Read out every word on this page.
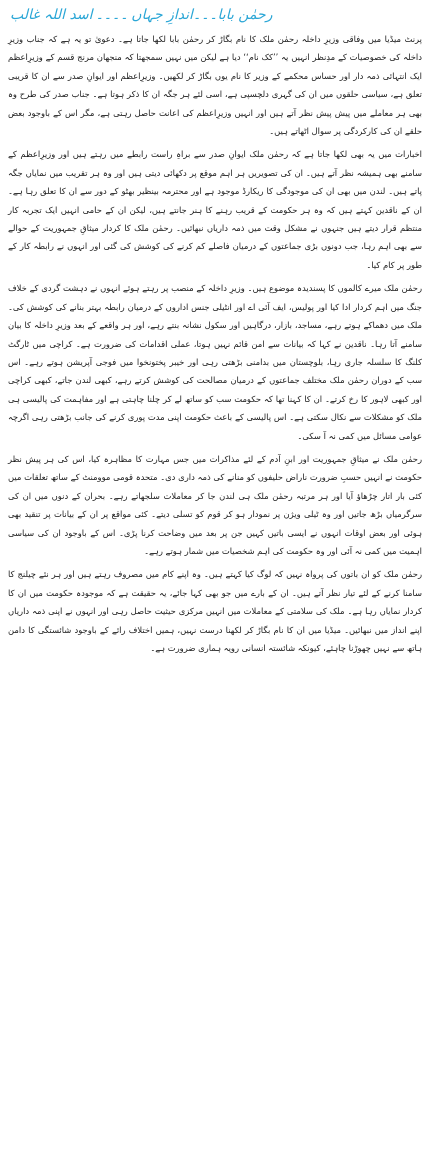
رحمٰن بابا۔۔۔اندازِ جہاں۔۔۔۔اسد اللہ غالب

پرنٹ میڈیا میں وفاقی وزیرِ داخلہ رحمٰن ملک کا نام بگاڑ کر رحمٰن بابا لکھا جاتا ہے۔ دعویٰ تو یہ ہے کہ جناب وزیرِ داخلہ کی خصوصیات کے مدِنظر انہیں یہ ’’کک نام‘‘ دیا ہے لیکن میں نہیں سمجھتا کہ منجھان مرنج قسم کے وزیرِاعظم ایک انتہائی ذمہ دار اور حساس محکمے کے وزیر کا نام یوں بگاڑ کر لکھیں۔ وزیرِاعظم اور ایوانِ صدر سے ان کا قریبی تعلق ہے، سیاسی حلقوں میں ان کی گہری دلچسپی ہے، اسی لئے ہر جگہ ان کا ذکر ہوتا ہے۔ جناب صدر کی طرح وہ بھی ہر معاملے میں پیش پیش نظر آتے ہیں اور انہیں وزیرِاعظم کی اعانت حاصل رہتی ہے، مگر اس کے باوجود بعض حلقے ان کی کارکردگی پر سوال اٹھاتے ہیں۔

اخبارات میں یہ بھی لکھا جاتا ہے کہ رحمٰن ملک ایوانِ صدر سے براہِ راست رابطے میں رہتے ہیں اور وزیرِاعظم کے سامنے بھی ہمیشہ نظر آتے ہیں۔ ان کی تصویریں ہر اہم موقع پر دکھائی دیتی ہیں اور وہ ہر تقریب میں نمایاں جگہ پاتے ہیں۔ لندن میں بھی ان کی موجودگی کا ریکارڈ موجود ہے اور محترمہ بینظیر بھٹو کے دور سے ان کا تعلق رہا ہے۔ ان کے ناقدین کہتے ہیں کہ وہ ہر حکومت کے قریب رہنے کا ہنر جانتے ہیں، لیکن ان کے حامی انہیں ایک تجربہ کار منتظم قرار دیتے ہیں جنہوں نے مشکل وقت میں ذمہ داریاں نبھائیں۔ رحمٰن ملک کا کردار میثاقِ جمہوریت کے حوالے سے بھی اہم رہا، جب دونوں بڑی جماعتوں کے درمیان فاصلے کم کرنے کی کوشش کی گئی اور انہوں نے رابطہ کار کے طور پر کام کیا۔

رحمٰن ملک میرے کالموں کا پسندیدہ موضوع ہیں۔ وزیرِ داخلہ کے منصب پر رہتے ہوئے انہوں نے دہشت گردی کے خلاف جنگ میں اہم کردار ادا کیا اور پولیس، ایف آئی اے اور انٹیلی جنس اداروں کے درمیان رابطہ بہتر بنانے کی کوشش کی۔ ملک میں دھماکے ہوتے رہے، مساجد، بازار، درگاہیں اور سکول نشانہ بنتے رہے، اور ہر واقعے کے بعد وزیرِ داخلہ کا بیان سامنے آتا رہا۔ ناقدین نے کہا کہ بیانات سے امن قائم نہیں ہوتا، عملی اقدامات کی ضرورت ہے۔ کراچی میں ٹارگٹ کلنگ کا سلسلہ جاری رہا، بلوچستان میں بدامنی بڑھتی رہی اور خیبر پختونخوا میں فوجی آپریشن ہوتے رہے۔ اس سب کے دوران رحمٰن ملک مختلف جماعتوں کے درمیان مصالحت کی کوشش کرتے رہے، کبھی لندن جاتے، کبھی کراچی اور کبھی لاہور کا رخ کرتے۔ ان کا کہنا تھا کہ حکومت سب کو ساتھ لے کر چلنا چاہتی ہے اور مفاہمت کی پالیسی ہی ملک کو مشکلات سے نکال سکتی ہے۔ اس پالیسی کے باعث حکومت اپنی مدت پوری کرنے کی جانب بڑھتی رہی اگرچہ عوامی مسائل میں کمی نہ آ سکی۔

رحمٰن ملک نے میثاقِ جمہوریت اور ابنِ آدم کے لئے مذاکرات میں جس مہارت کا مظاہرہ کیا، اس کی ہر پیش نظر حکومت نے انہیں حسبِ ضرورت ناراض حلیفوں کو منانے کی ذمہ داری دی۔ متحدہ قومی موومنٹ کے ساتھ تعلقات میں کئی بار اتار چڑھاؤ آیا اور ہر مرتبہ رحمٰن ملک ہی لندن جا کر معاملات سلجھاتے رہے۔ بحران کے دنوں میں ان کی سرگرمیاں بڑھ جاتیں اور وہ ٹیلی ویژن پر نمودار ہو کر قوم کو تسلی دیتے۔ کئی مواقع پر ان کے بیانات پر تنقید بھی ہوئی اور بعض اوقات انہوں نے ایسی باتیں کہیں جن پر بعد میں وضاحت کرنا پڑی۔ اس کے باوجود ان کی سیاسی اہمیت میں کمی نہ آئی اور وہ حکومت کی اہم شخصیات میں شمار ہوتے رہے۔

رحمٰن ملک کو ان باتوں کی پرواہ نہیں کہ لوگ کیا کہتے ہیں۔ وہ اپنے کام میں مصروف رہتے ہیں اور ہر نئے چیلنج کا سامنا کرنے کے لئے تیار نظر آتے ہیں۔ ان کے بارے میں جو بھی کہا جائے، یہ حقیقت ہے کہ موجودہ حکومت میں ان کا کردار نمایاں رہا ہے۔ ملک کی سلامتی کے معاملات میں انہیں مرکزی حیثیت حاصل رہی اور انہوں نے اپنی ذمہ داریاں اپنے انداز میں نبھائیں۔ میڈیا میں ان کا نام بگاڑ کر لکھنا درست نہیں، ہمیں اختلاف رائے کے باوجود شائستگی کا دامن ہاتھ سے نہیں چھوڑنا چاہئے، کیونکہ شائستہ انسانی رویہ ہماری ضرورت ہے۔
